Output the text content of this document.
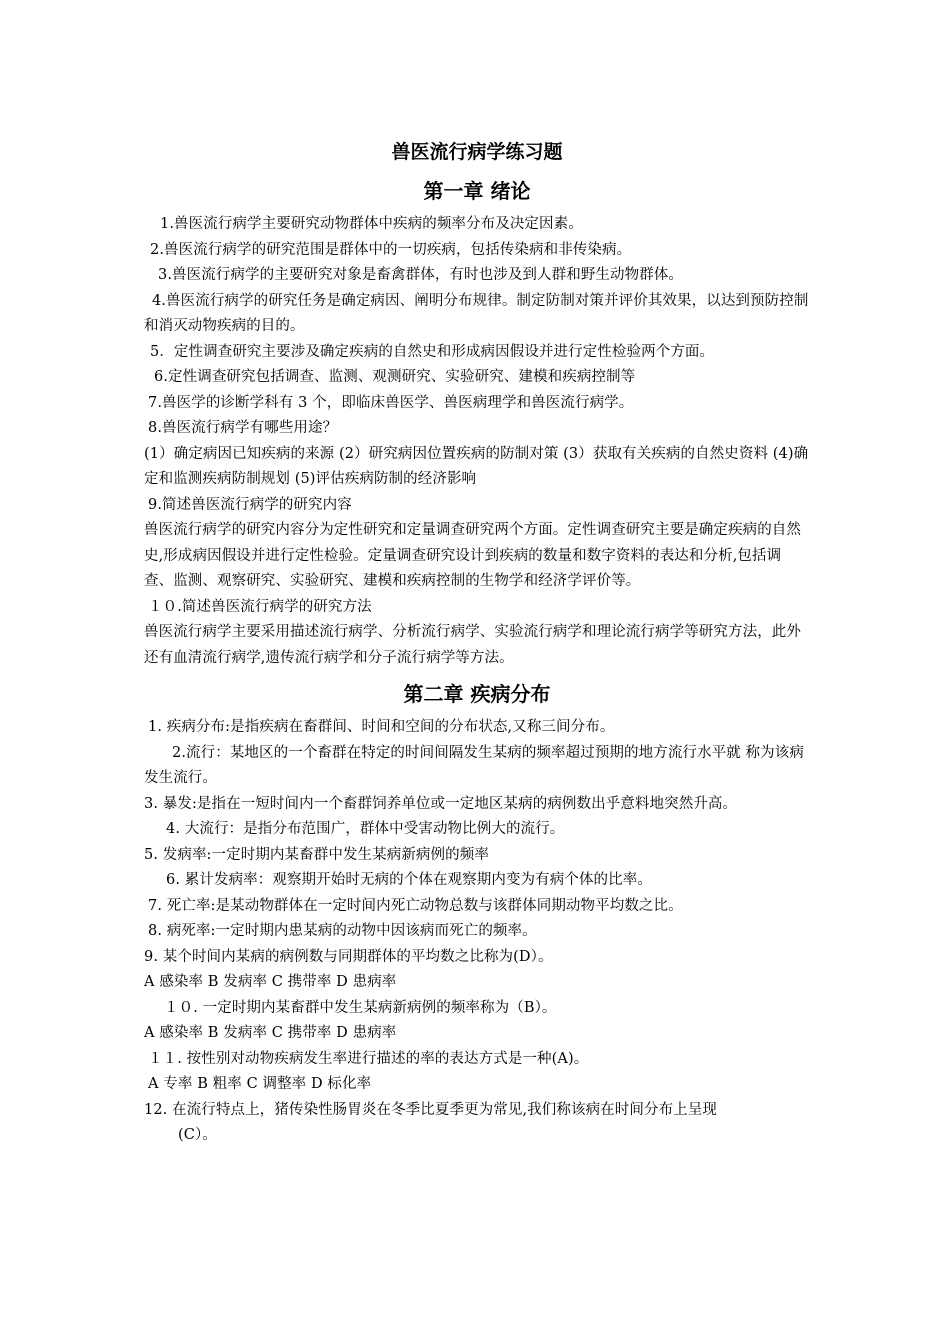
兽医流行病学练习题
第一章 绪论

1.兽医流行病学主要研究动物群体中疾病的频率分布及决定因素。

2.兽医流行病学的研究范围是群体中的一切疾病，包括传染病和非传染病。

3.兽医流行病学的主要研究对象是畜禽群体，有时也涉及到人群和野生动物群体。

4.兽医流行病学的研究任务是确定病因、阐明分布规律。制定防制对策并评价其效果，以达到预防控制和消灭动物疾病的目的。

5．定性调查研究主要涉及确定疾病的自然史和形成病因假设并进行定性检验两个方面。

6.定性调查研究包括调查、监测、观测研究、实验研究、建模和疾病控制等

7.兽医学的诊断学科有 3 个，即临床兽医学、兽医病理学和兽医流行病学。

8.兽医流行病学有哪些用途？

(1）确定病因已知疾病的来源 (2）研究病因位置疾病的防制对策 (3）获取有关疾病的自然史资料 (4)确定和监测疾病防制规划 (5)评估疾病防制的经济影响

9.简述兽医流行病学的研究内容

兽医流行病学的研究内容分为定性研究和定量调查研究两个方面。定性调查研究主要是确定疾病的自然史,形成病因假设并进行定性检验。定量调查研究设计到疾病的数量和数字资料的表达和分析,包括调查、监测、观察研究、实验研究、建模和疾病控制的生物学和经济学评价等。

１０.简述兽医流行病学的研究方法

兽医流行病学主要采用描述流行病学、分析流行病学、实验流行病学和理论流行病学等研究方法，此外还有血清流行病学,遗传流行病学和分子流行病学等方法。

第二章 疾病分布

1. 疾病分布:是指疾病在畜群间、时间和空间的分布状态,又称三间分布。

2.流行：某地区的一个畜群在特定的时间间隔发生某病的频率超过预期的地方流行水平就 称为该病发生流行。

3. 暴发:是指在一短时间内一个畜群饲养单位或一定地区某病的病例数出乎意料地突然升高。

4. 大流行：是指分布范围广，群体中受害动物比例大的流行。

5. 发病率:一定时期内某畜群中发生某病新病例的频率

6. 累计发病率：观察期开始时无病的个体在观察期内变为有病个体的比率。

7. 死亡率:是某动物群体在一定时间内死亡动物总数与该群体同期动物平均数之比。

8. 病死率:一定时期内患某病的动物中因该病而死亡的频率。

9. 某个时间内某病的病例数与同期群体的平均数之比称为(D）。

A 感染率 B 发病率 C 携带率 D 患病率

１０. 一定时期内某畜群中发生某病新病例的频率称为（B）。

A 感染率 B 发病率 C 携带率 D 患病率

１１. 按性别对动物疾病发生率进行描述的率的表达方式是一种(A)。

A 专率 B 粗率 C 调整率 D 标化率

12. 在流行特点上，猪传染性肠胃炎在冬季比夏季更为常见,我们称该病在时间分布上呈现

(C）。
